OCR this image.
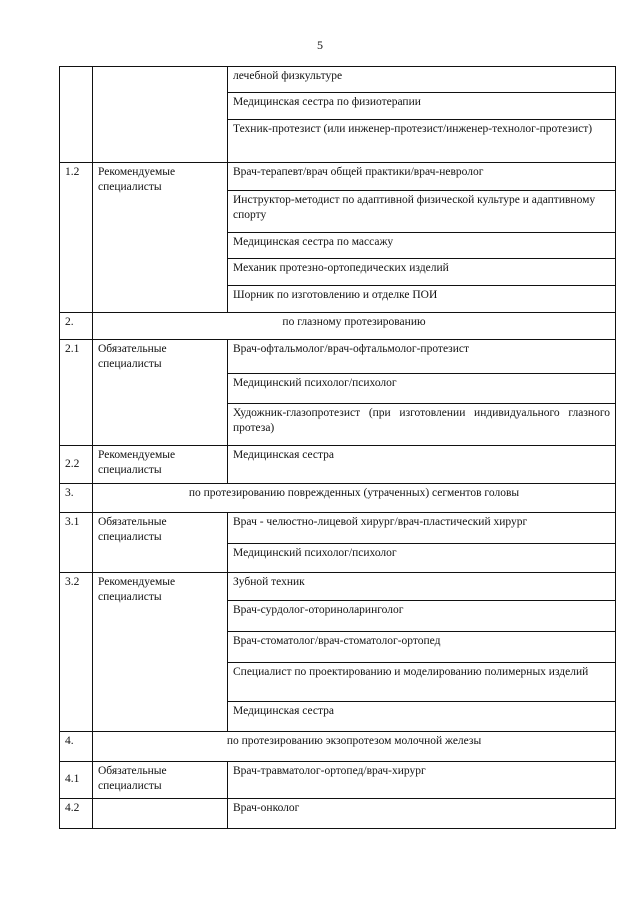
5
		лечебной физкультуре
		Медицинская сестра по физиотерапии
		Техник-протезист (или инженер-протезист/инженер-технолог-протезист)
1.2	Рекомендуемые специалисты	Врач-терапевт/врач общей практики/врач-невролог
		Инструктор-методист по адаптивной физической культуре и адаптивному спорту
		Медицинская сестра по массажу
		Механик протезно-ортопедических изделий
		Шорник по изготовлению и отделке ПОИ
2.	по глазному протезированию	
2.1	Обязательные специалисты	Врач-офтальмолог/врач-офтальмолог-протезист
		Медицинский психолог/психолог
		Художник-глазопротезист (при изготовлении индивидуального глазного протеза)
2.2	Рекомендуемые специалисты	Медицинская сестра
3.	по протезированию поврежденных (утраченных) сегментов головы	
3.1	Обязательные специалисты	Врач - челюстно-лицевой хирург/врач-пластический хирург
		Медицинский психолог/психолог
3.2	Рекомендуемые специалисты	Зубной техник
		Врач-сурдолог-оториноларинголог
		Врач-стоматолог/врач-стоматолог-ортопед
		Специалист по проектированию и моделированию полимерных изделий
		Медицинская сестра
4.	по протезированию экзопротезом молочной железы	
4.1	Обязательные специалисты	Врач-травматолог-ортопед/врач-хирург
4.2		Врач-онколог
